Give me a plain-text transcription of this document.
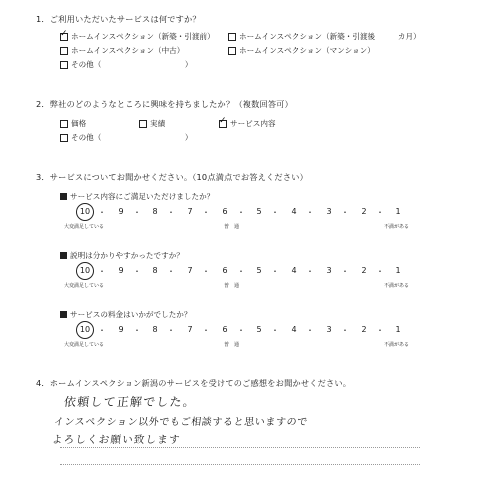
1．ご利用いただいたサービスは何ですか？
✓ ホームインスペクション（新築・引渡前）	ホームインスペクション（新築・引渡後　　　カ月）
ホームインスペクション（中古）	ホームインスペクション（マンション）
その他（　　　　　　　　　　　）
2．弊社のどのようなところに興味を持ちましたか？（複数回答可）
価格	実績	✓ サービス内容
その他（　　　　　　　　　　　）
3．サービスについてお聞かせください。（10点満点でお答えください）
サービス内容にご満足いただけましたか？
10 ・	9	・	8	・	7	・	6	・	5	・	4	・	3	・	2	・	1
大変満足している	普　通	不満がある
説明は分かりやすかったですか？
10 ・	9	・	8	・	7	・	6	・	5	・	4	・	3	・	2	・	1
大変満足している	普　通	不満がある
サービスの料金はいかがでしたか？
10 ・	9	・	8	・	7	・	6	・	5	・	4	・	3	・	2	・	1
大変満足している	普　通	不満がある
4．ホームインスペクション新潟のサービスを受けてのご感想をお聞かせください。
依頼して正解でした。
インスペクション以外でもご相談すると思いますので
よろしくお願い致します
